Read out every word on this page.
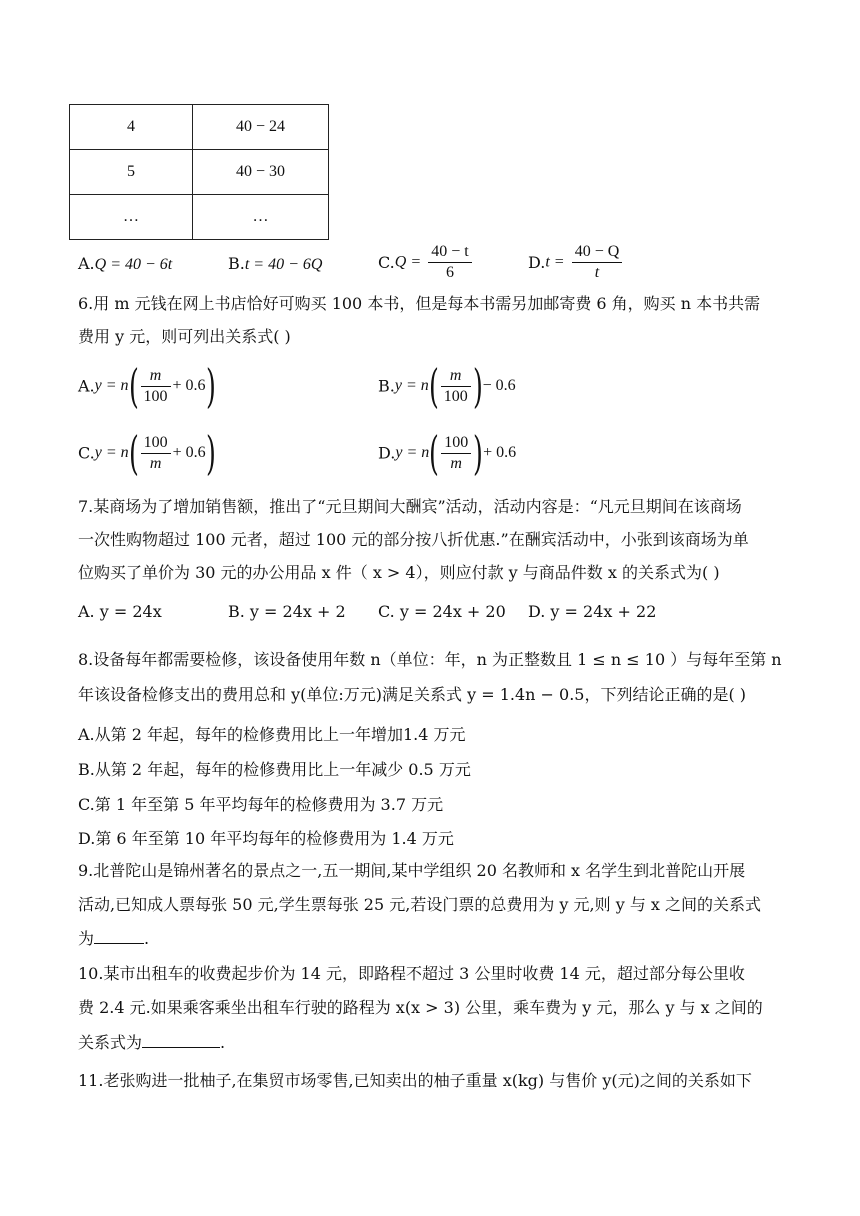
4	40 − 24
5	40 − 30
…	…
A.Q = 40 − 6t	B.t = 40 − 6Q	$C.Q = \frac{40 - t}{6}$	$D.t = \frac{40 - Q}{t}$
6.用 m 元钱在网上书店恰好可购买 100 本书，但是每本书需另加邮寄费 6 角，购买 n 本书共需
费用 y 元，则可列出关系式( )
$A.y = n( \frac{m}{100} + 0.6)$	$B.y = n( \frac{m}{100}$ )− 0.6
$C.y = n( \frac{100}{m} + 0.6)$	$D.y = n( \frac{100}{m}$ )+ 0.6
7.某商场为了增加销售额，推出了“元旦期间大酬宾”活动，活动内容是：“凡元旦期间在该商场
一次性购物超过 100 元者，超过 100 元的部分按八折优惠.”在酬宾活动中，小张到该商场为单
位购买了单价为 30 元的办公用品 x 件（ x > 4），则应付款 y 与商品件数 x 的关系式为( )
A. y = 24x	B. y = 24x + 2 C. y = 24x + 20 D. y = 24x + 22
8.设备每年都需要检修，该设备使用年数 n（单位：年，n 为正整数且 1 ≤ n ≤ 10 ）与每年至第 n
年该设备检修支出的费用总和 y(单位:万元)满足关系式 y = 1.4n − 0.5，下列结论正确的是( )
A.从第 2 年起，每年的检修费用比上一年增加1.4 万元
B.从第 2 年起，每年的检修费用比上一年减少 0.5 万元
C.第 1 年至第 5 年平均每年的检修费用为 3.7 万元
D.第 6 年至第 10 年平均每年的检修费用为 1.4 万元
9.北普陀山是锦州著名的景点之一,五一期间,某中学组织 20 名教师和 x 名学生到北普陀山开展
活动,已知成人票每张 50 元,学生票每张 25 元,若设门票的总费用为 y 元,则 y 与 x 之间的关系式
为	.
10.某市出租车的收费起步价为 14 元，即路程不超过 3 公里时收费 14 元，超过部分每公里收
费 2.4 元.如果乘客乘坐出租车行驶的路程为 x(x > 3) 公里，乘车费为 y 元，那么 y 与 x 之间的
关系式为	.
11.老张购进一批柚子,在集贸市场零售,已知卖出的柚子重量 x(kg) 与售价 y(元)之间的关系如下
